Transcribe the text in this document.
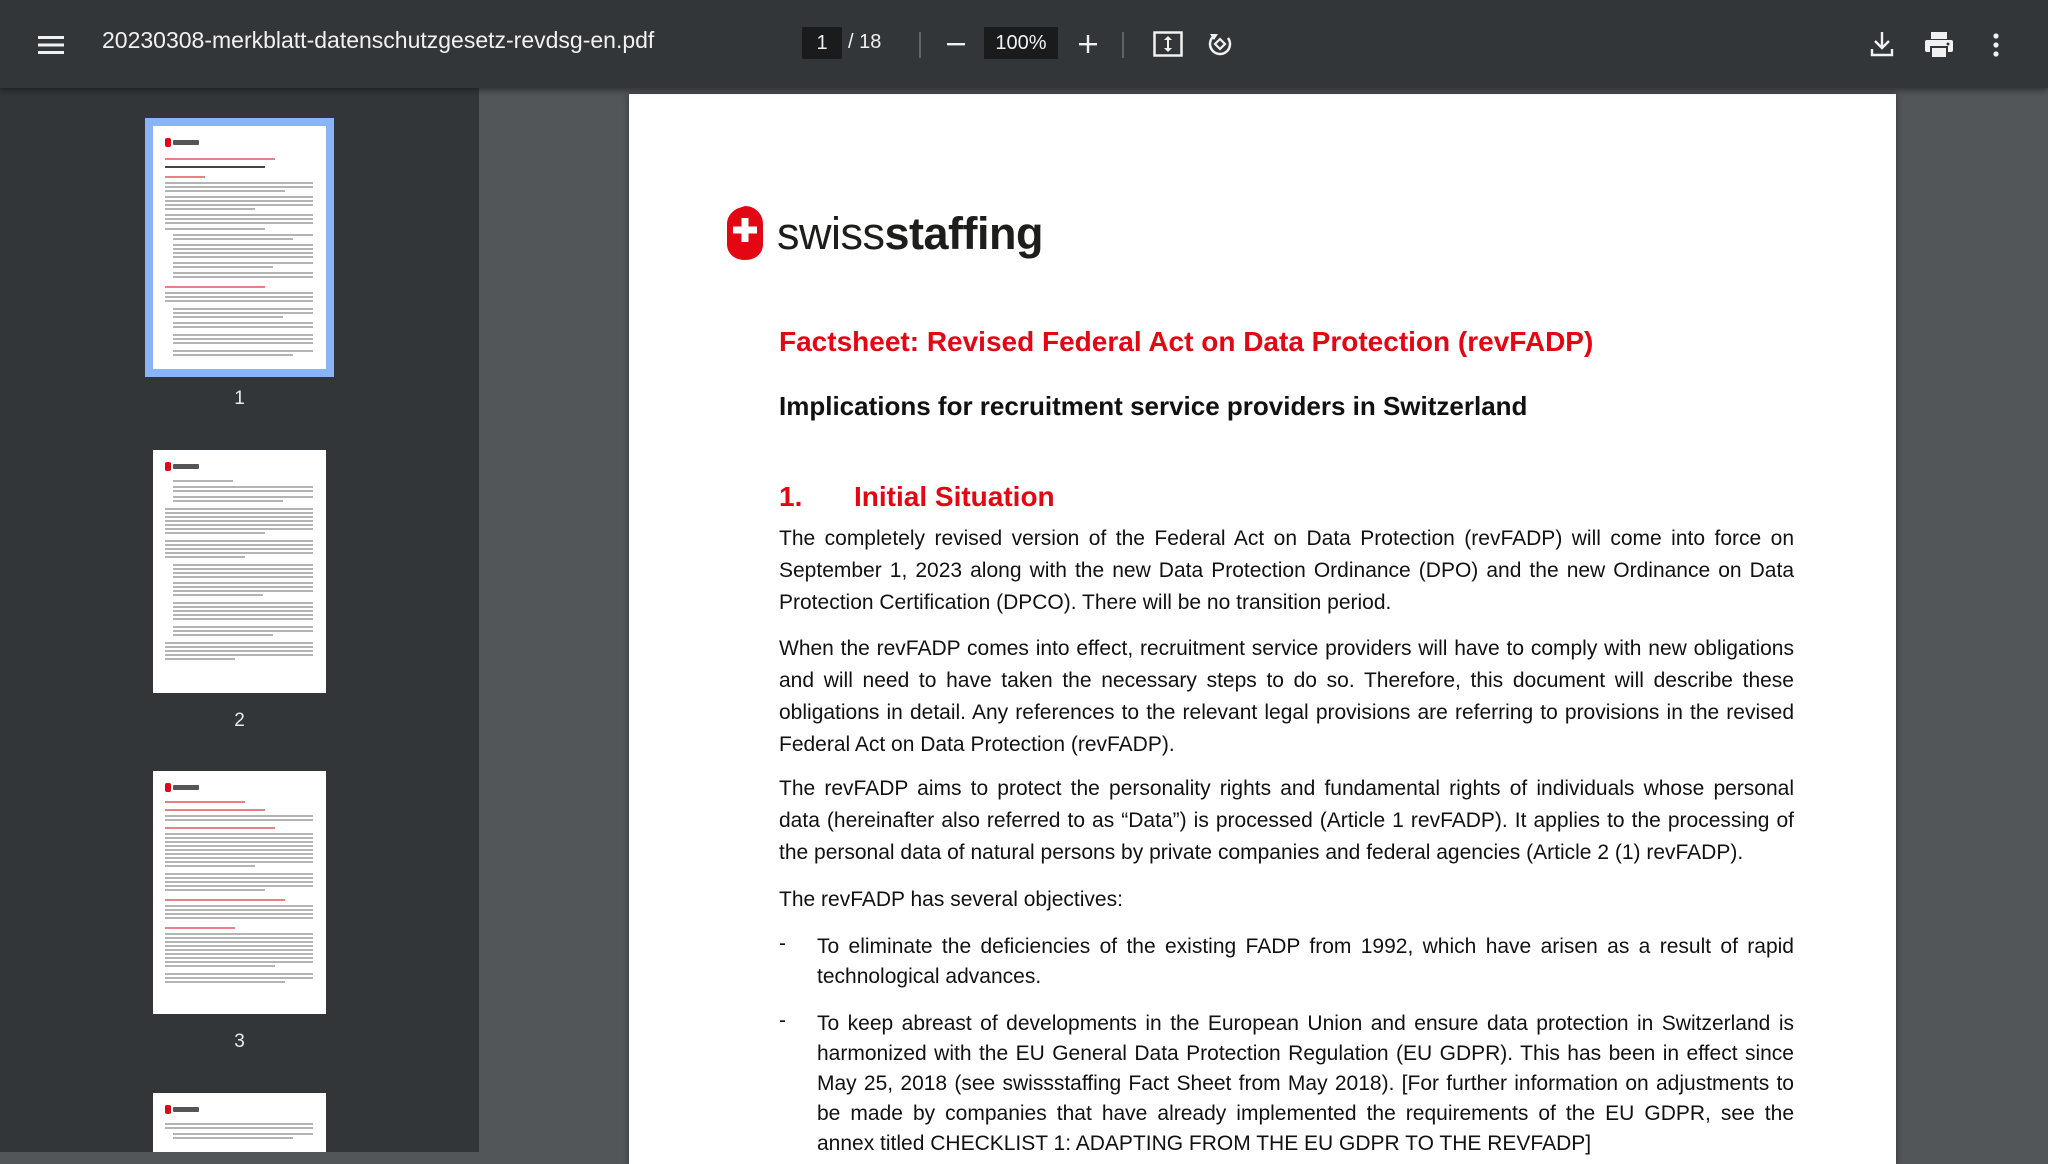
20230308-merkblatt-datenschutzgesetz-revdsg-en.pdf	1	/ 18	100%
1
2
3
swissstaffing
Factsheet: Revised Federal Act on Data Protection (revFADP)
Implications for recruitment service providers in Switzerland
1. Initial Situation

The completely revised version of the Federal Act on Data Protection (revFADP) will come into force on September 1, 2023 along with the new Data Protection Ordinance (DPO) and the new Ordinance on Data Protection Certification (DPCO). There will be no transition period.

When the revFADP comes into effect, recruitment service providers will have to comply with new obligations and will need to have taken the necessary steps to do so. Therefore, this document will describe these obligations in detail. Any references to the relevant legal provisions are referring to provisions in the revised Federal Act on Data Protection (revFADP).

The revFADP aims to protect the personality rights and fundamental rights of individuals whose personal data (hereinafter also referred to as “Data”) is processed (Article 1 revFADP). It applies to the processing of the personal data of natural persons by private companies and federal agencies (Article 2 (1) revFADP).

The revFADP has several objectives:

- To eliminate the deficiencies of the existing FADP from 1992, which have arisen as a result of rapid technological advances.

- To keep abreast of developments in the European Union and ensure data protection in Switzerland is harmonized with the EU General Data Protection Regulation (EU GDPR). This has been in effect since May 25, 2018 (see swissstaffing Fact Sheet from May 2018). [For further information on adjustments to be made by companies that have already implemented the requirements of the EU GDPR, see the annex titled CHECKLIST 1: ADAPTING FROM THE EU GDPR TO THE REVFADP]
